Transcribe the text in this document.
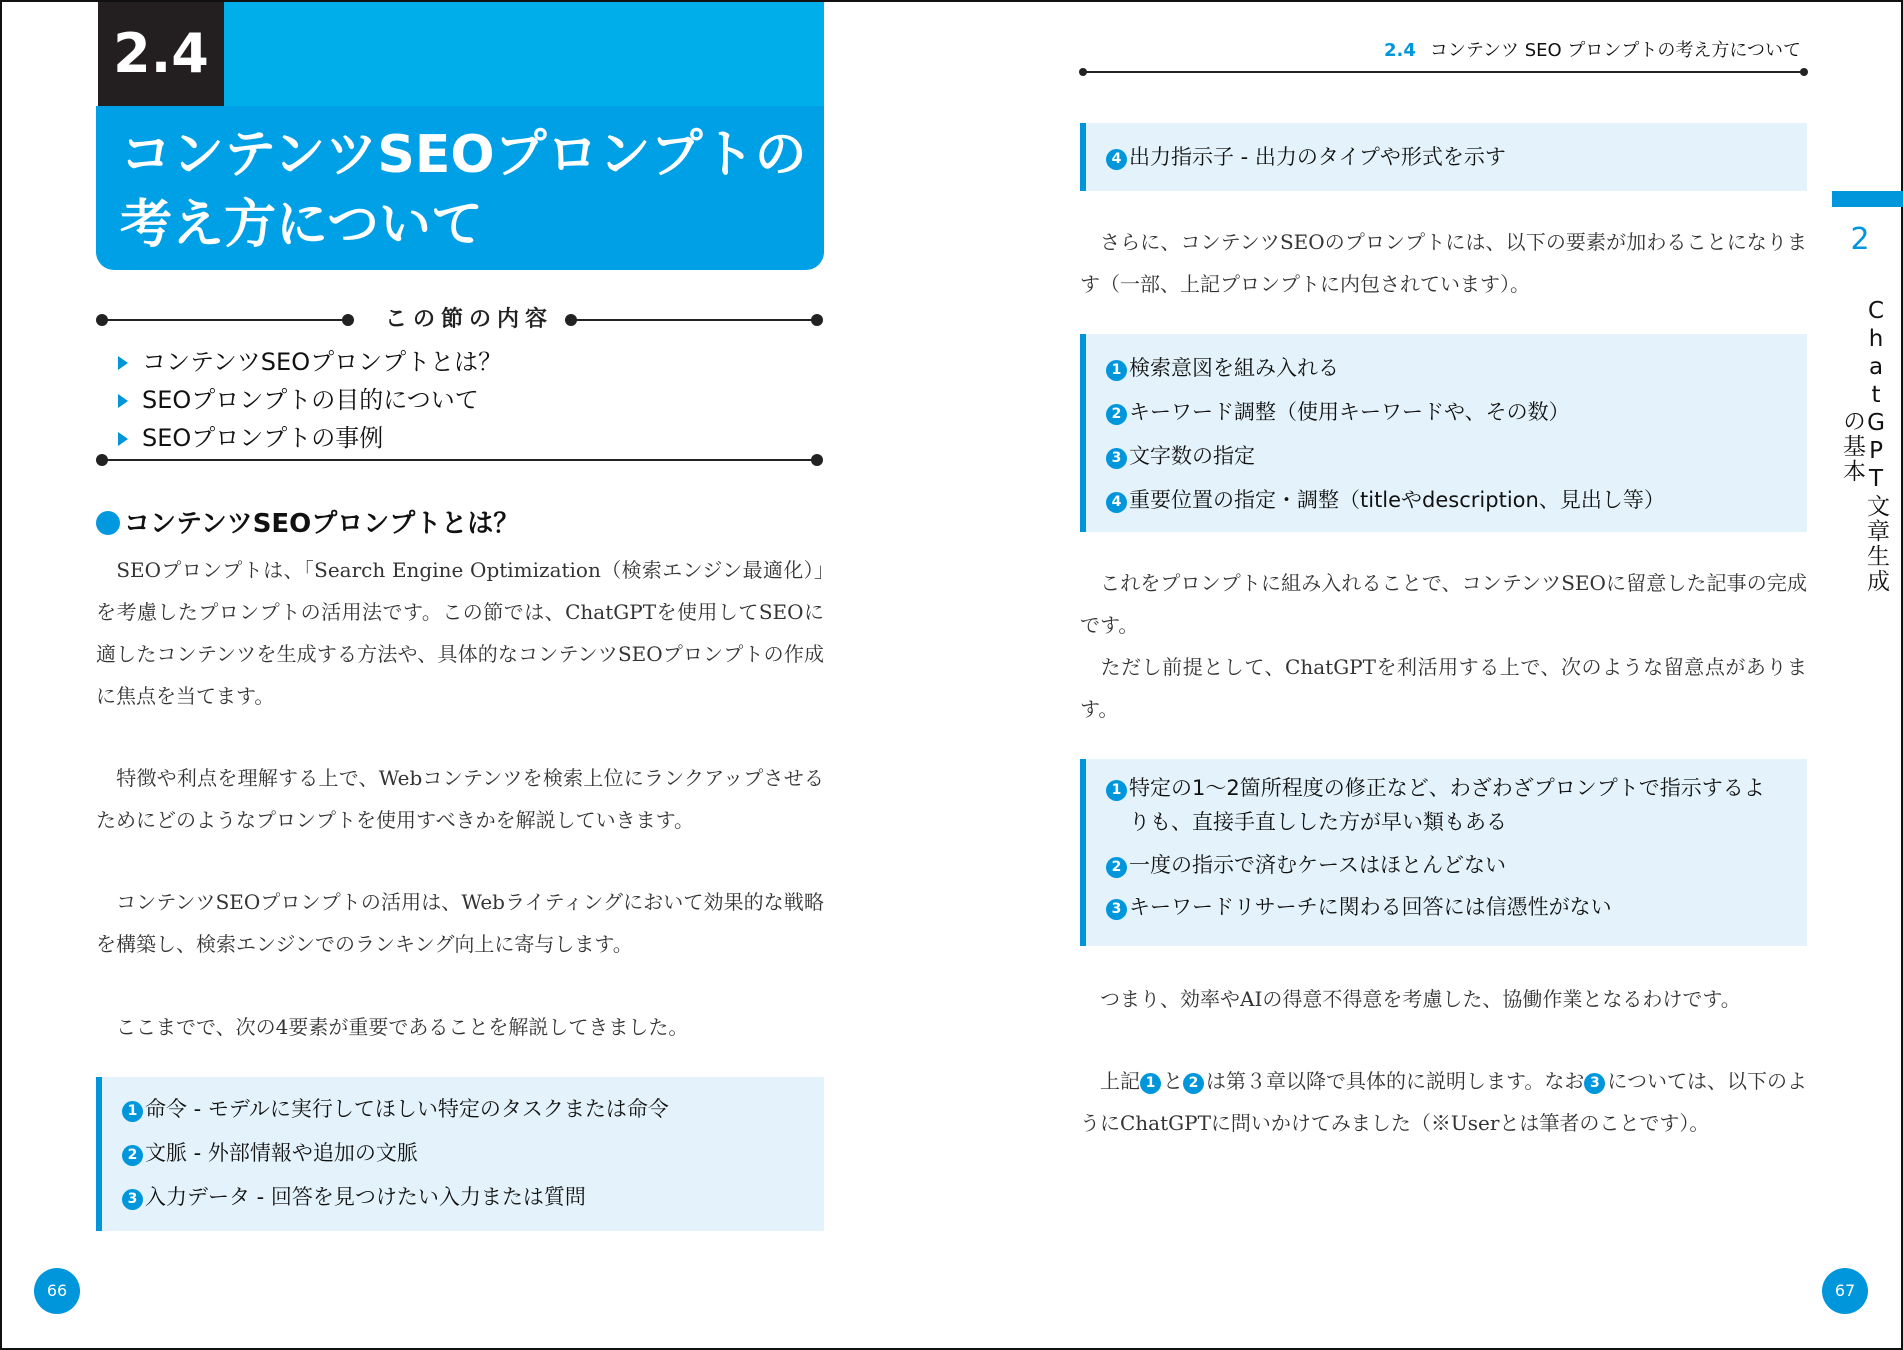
2.4
コンテンツSEOプロンプトの
考え方について
この節の内容
コンテンツSEOプロンプトとは？
SEOプロンプトの目的について
SEOプロンプトの事例
コンテンツSEOプロンプトとは？
　SEOプロンプトは、「Search Engine Optimization（検索エンジン最適化）」を考慮したプロンプトの活用法です。この節では、ChatGPTを使用してSEOに適したコンテンツを生成する方法や、具体的なコンテンツSEOプロンプトの作成に焦点を当てます。
　特徴や利点を理解する上で、Webコンテンツを検索上位にランクアップさせるためにどのようなプロンプトを使用すべきかを解説していきます。
　コンテンツSEOプロンプトの活用は、Webライティングにおいて効果的な戦略を構築し、検索エンジンでのランキング向上に寄与します。
　ここまでで、次の4要素が重要であることを解説してきました。
1 命令 - モデルに実行してほしい特定のタスクまたは命令
2 文脈 - 外部情報や追加の文脈
3 入力データ - 回答を見つけたい入力または質問
66
2.4 コンテンツ SEO プロンプトの考え方について
2
ChatGPT文章生成の基本
4 出力指示子 - 出力のタイプや形式を示す
　さらに、コンテンツSEOのプロンプトには、以下の要素が加わることになります（一部、上記プロンプトに内包されています）。
1 検索意図を組み入れる
2 キーワード調整（使用キーワードや、その数）
3 文字数の指定
4 重要位置の指定・調整（titleやdescription、見出し等）
　これをプロンプトに組み入れることで、コンテンツSEOに留意した記事の完成です。
　ただし前提として、ChatGPTを利活用する上で、次のような留意点があります。
1 特定の1～2箇所程度の修正など、わざわざプロンプトで指示するよ
りも、直接手直しした方が早い類もある
2 一度の指示で済むケースはほとんどない
3 キーワードリサーチに関わる回答には信憑性がない
　つまり、効率やAIの得意不得意を考慮した、協働作業となるわけです。
　上記 1 と 2 は第３章以降で具体的に説明します。なお 3 については、以下のようにChatGPTに問いかけてみました（※Userとは筆者のことです）。
67
